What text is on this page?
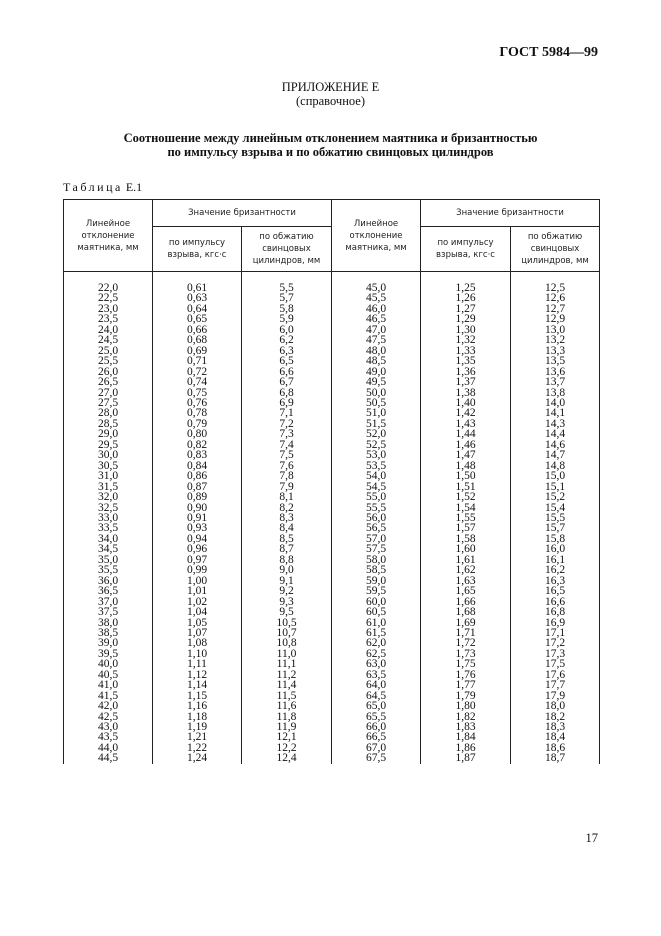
ГОСТ 5984—99
ПРИЛОЖЕНИЕ Е
(справочное)
Соотношение между линейным отклонением маятника и бризантностью
по импульсу взрыва и по обжатию свинцовых цилиндров
Таблица Е.1
Линейное отклонение маятника, мм	Значение бризантности		Линейное отклонение маятника, мм	Значение бризантности	
	по импульсу взрыва, кгс·с	по обжатию свинцовых цилиндров, мм		по импульсу взрыва, кгс·с	по обжатию свинцовых цилиндров, мм
22,0	0,61	5,5	45,0	1,25	12,5
22,5	0,63	5,7	45,5	1,26	12,6
23,0	0,64	5,8	46,0	1,27	12,7
23,5	0,65	5,9	46,5	1,29	12,9
24,0	0,66	6,0	47,0	1,30	13,0
24,5	0,68	6,2	47,5	1,32	13,2
25,0	0,69	6,3	48,0	1,33	13,3
25,5	0,71	6,5	48,5	1,35	13,5
26,0	0,72	6,6	49,0	1,36	13,6
26,5	0,74	6,7	49,5	1,37	13,7
27,0	0,75	6,8	50,0	1,38	13,8
27,5	0,76	6,9	50,5	1,40	14,0
28,0	0,78	7,1	51,0	1,42	14,1
28,5	0,79	7,2	51,5	1,43	14,3
29,0	0,80	7,3	52,0	1,44	14,4
29,5	0,82	7,4	52,5	1,46	14,6
30,0	0,83	7,5	53,0	1,47	14,7
30,5	0,84	7,6	53,5	1,48	14,8
31,0	0,86	7,8	54,0	1,50	15,0
31,5	0,87	7,9	54,5	1,51	15,1
32,0	0,89	8,1	55,0	1,52	15,2
32,5	0,90	8,2	55,5	1,54	15,4
33,0	0,91	8,3	56,0	1,55	15,5
33,5	0,93	8,4	56,5	1,57	15,7
34,0	0,94	8,5	57,0	1,58	15,8
34,5	0,96	8,7	57,5	1,60	16,0
35,0	0,97	8,8	58,0	1,61	16,1
35,5	0,99	9,0	58,5	1,62	16,2
36,0	1,00	9,1	59,0	1,63	16,3
36,5	1,01	9,2	59,5	1,65	16,5
37,0	1,02	9,3	60,0	1,66	16,6
37,5	1,04	9,5	60,5	1,68	16,8
38,0	1,05	10,5	61,0	1,69	16,9
38,5	1,07	10,7	61,5	1,71	17,1
39,0	1,08	10,8	62,0	1,72	17,2
39,5	1,10	11,0	62,5	1,73	17,3
40,0	1,11	11,1	63,0	1,75	17,5
40,5	1,12	11,2	63,5	1,76	17,6
41,0	1,14	11,4	64,0	1,77	17,7
41,5	1,15	11,5	64,5	1,79	17,9
42,0	1,16	11,6	65,0	1,80	18,0
42,5	1,18	11,8	65,5	1,82	18,2
43,0	1,19	11,9	66,0	1,83	18,3
43,5	1,21	12,1	66,5	1,84	18,4
44,0	1,22	12,2	67,0	1,86	18,6
44,5	1,24	12,4	67,5	1,87	18,7
17
